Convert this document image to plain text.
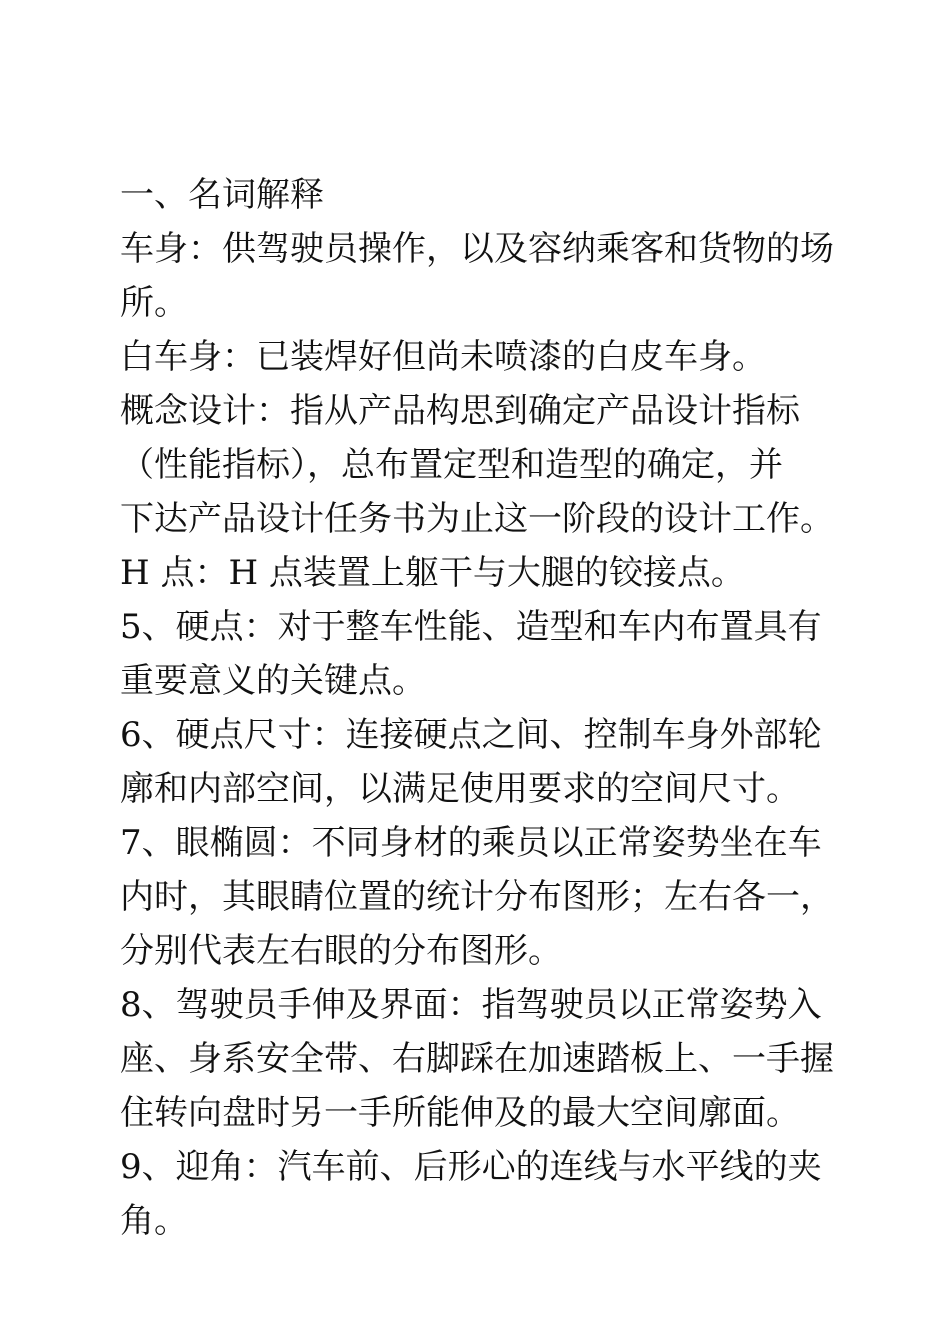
一、名词解释

车身：供驾驶员操作，以及容纳乘客和货物的场

所。

白车身：已装焊好但尚未喷漆的白皮车身。

概念设计：指从产品构思到确定产品设计指标

（性能指标），总布置定型和造型的确定，并

下达产品设计任务书为止这一阶段的设计工作。

H 点：H 点装置上躯干与大腿的铰接点。

5、硬点：对于整车性能、造型和车内布置具有

重要意义的关键点。

6、硬点尺寸：连接硬点之间、控制车身外部轮

廓和内部空间，以满足使用要求的空间尺寸。

7、眼椭圆：不同身材的乘员以正常姿势坐在车

内时，其眼睛位置的统计分布图形；左右各一，

分别代表左右眼的分布图形。

8、驾驶员手伸及界面：指驾驶员以正常姿势入

座、身系安全带、右脚踩在加速踏板上、一手握

住转向盘时另一手所能伸及的最大空间廓面。

9、迎角：汽车前、后形心的连线与水平线的夹

角。
